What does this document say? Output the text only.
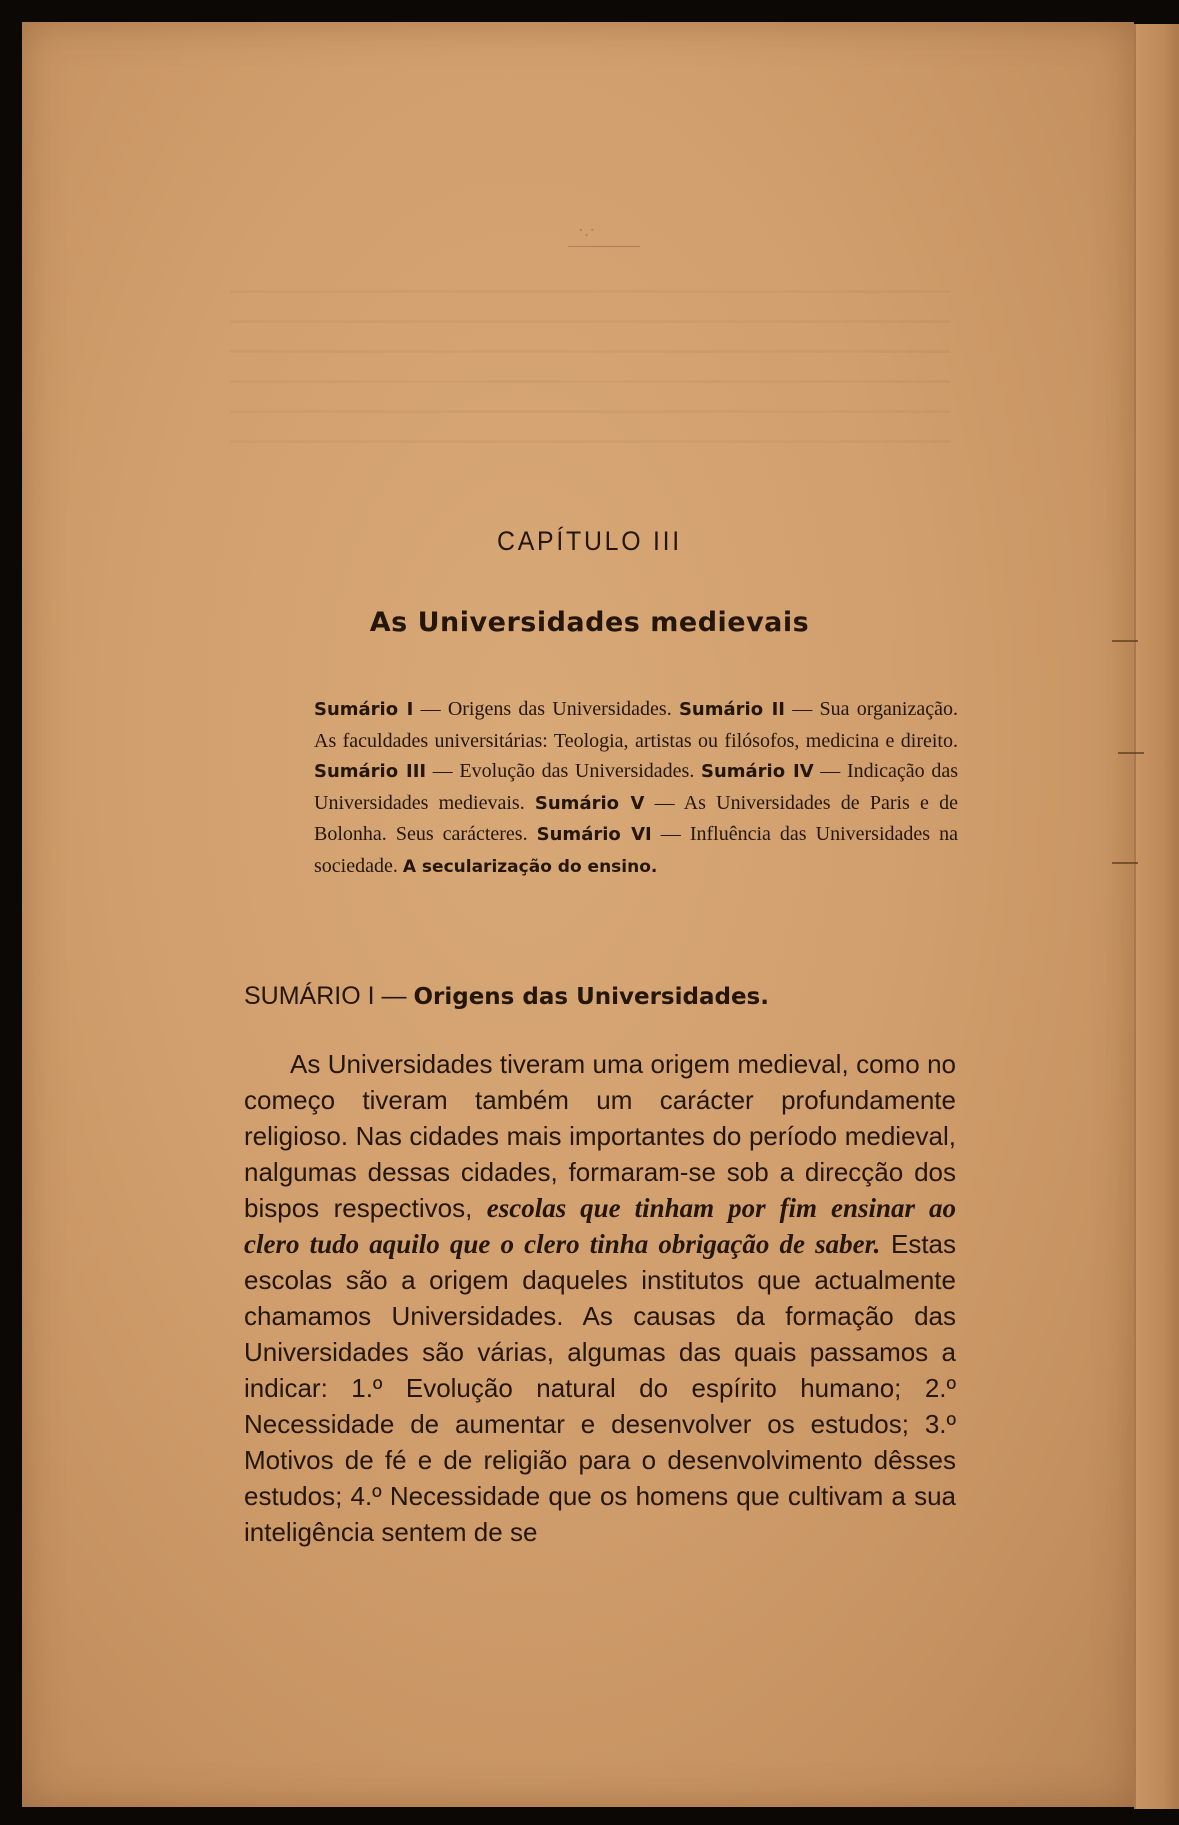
·.·
CAPÍTULO III
As Universidades medievais
Sumário I — Origens das Universidades. Sumário II — Sua organização. As faculdades universitárias: Teologia, artistas ou filósofos, medicina e direito. Sumário III — Evolução das Universidades. Sumário IV — Indicação das Universidades medievais. Sumário V — As Universidades de Paris e de Bolonha. Seus carácteres. Sumário VI — Influência das Universidades na sociedade. A secularização do ensino.
SUMÁRIO I — Origens das Universidades.
As Universidades tiveram uma origem medieval, como no começo tiveram também um carácter profundamente religioso. Nas cidades mais importantes do período medieval, nalgumas dessas cidades, formaram-se sob a direcção dos bispos respectivos, escolas que tinham por fim ensinar ao clero tudo aquilo que o clero tinha obrigação de saber. Estas escolas são a origem daqueles institutos que actualmente chamamos Universidades. As causas da formação das Universidades são várias, algumas das quais passamos a indicar: 1.º Evolução natural do espírito humano; 2.º Necessidade de aumentar e desenvolver os estudos; 3.º Motivos de fé e de religião para o desenvolvimento dêsses estudos; 4.º Necessidade que os homens que cultivam a sua inteligência sentem de se
